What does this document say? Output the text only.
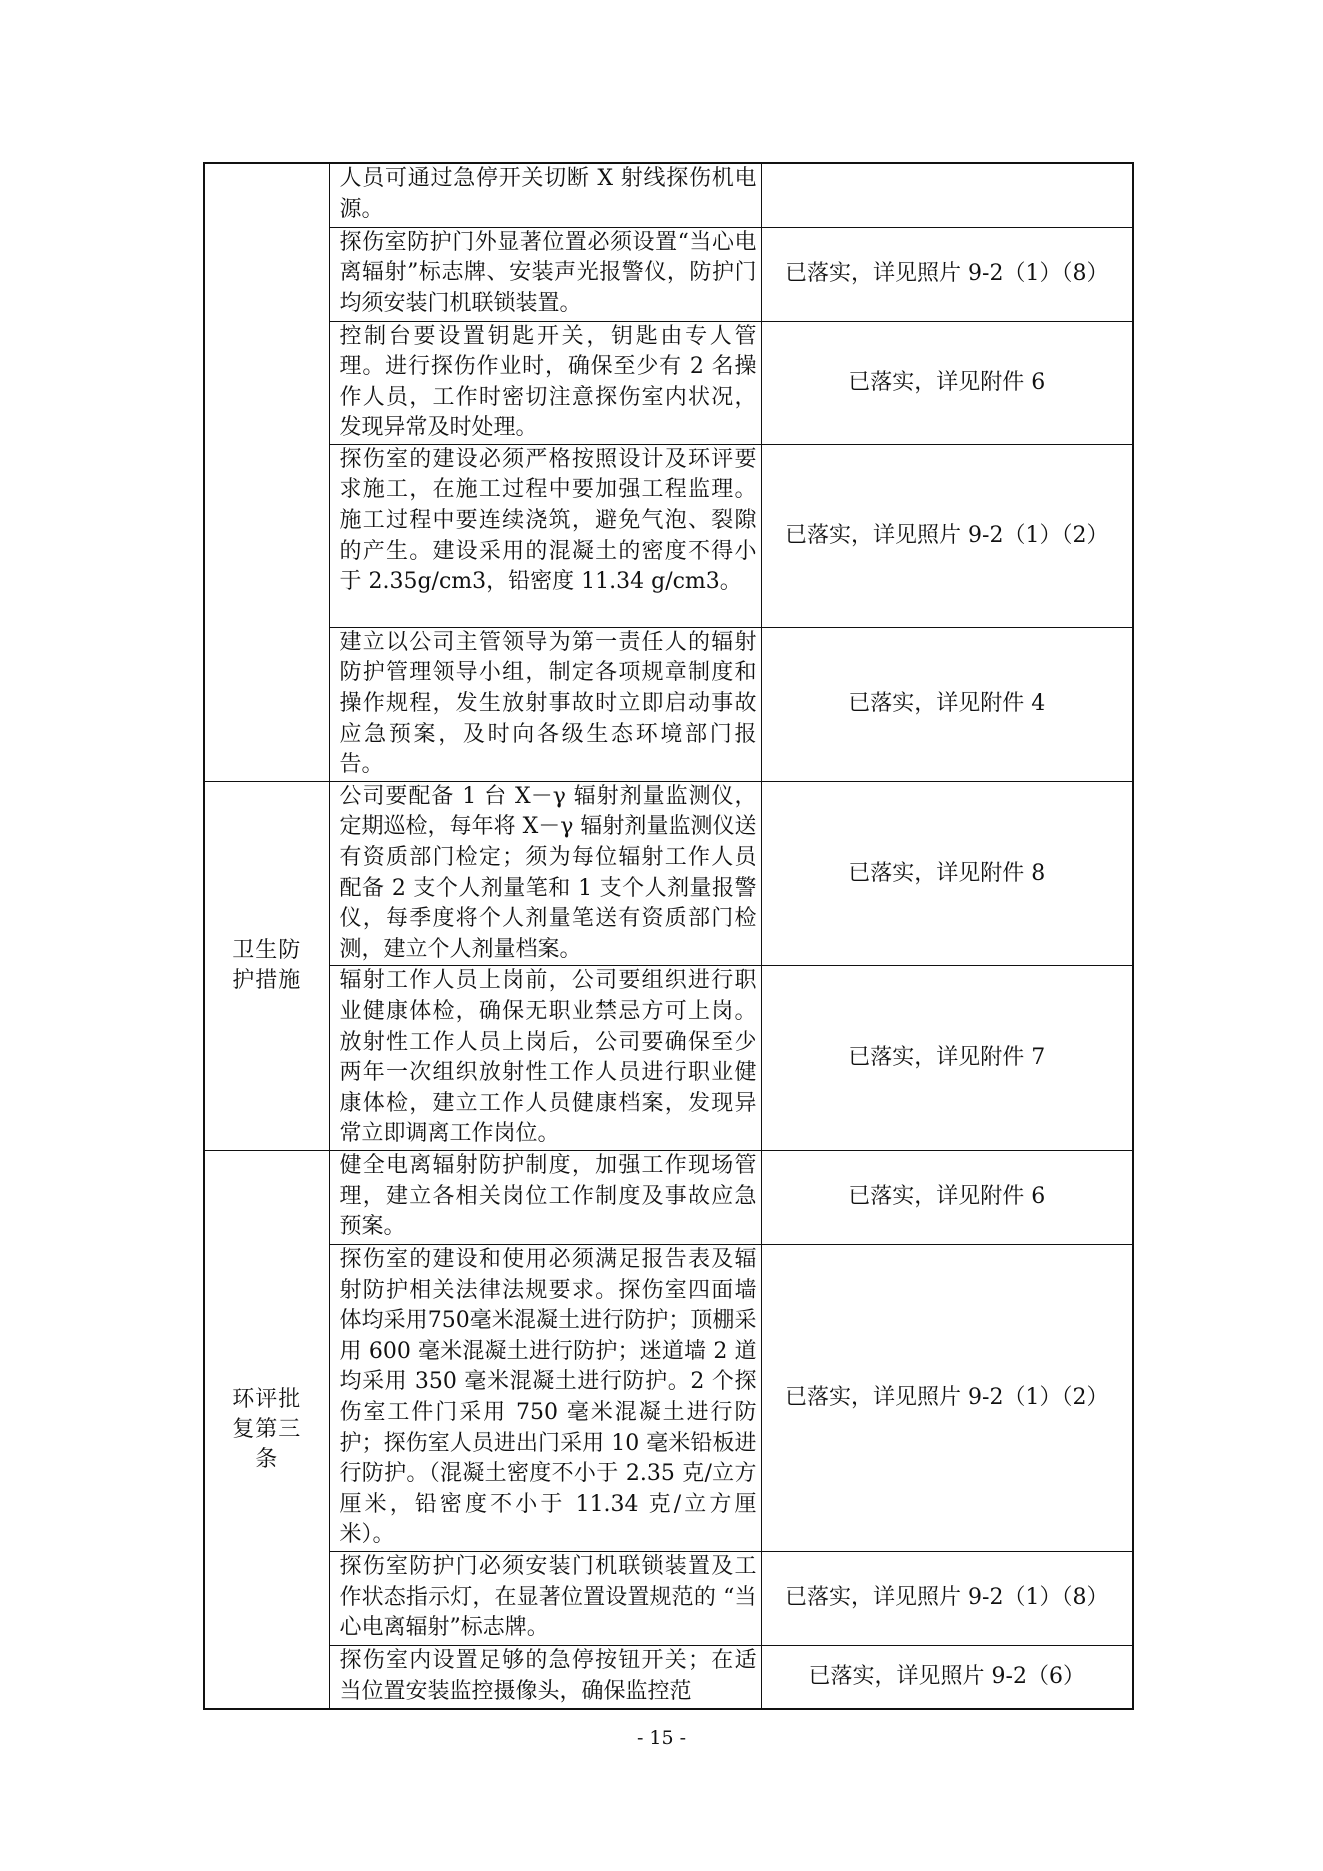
	人员可通过急停开关切断 X 射线探伤机电源。	
	探伤室防护门外显著位置必须设置“当心电离辐射”标志牌、安装声光报警仪，防护门均须安装门机联锁装置。	已落实，详见照片 9-2（1）（8）
	控制台要设置钥匙开关，钥匙由专人管理。进行探伤作业时，确保至少有 2 名操作人员，工作时密切注意探伤室内状况，发现异常及时处理。	已落实，详见附件 6
	探伤室的建设必须严格按照设计及环评要求施工，在施工过程中要加强工程监理。施工过程中要连续浇筑，避免气泡、裂隙的产生。建设采用的混凝土的密度不得小于 2.35g/cm3，铅密度 11.34 g/cm3。	已落实，详见照片 9-2（1）（2）
	建立以公司主管领导为第一责任人的辐射防护管理领导小组，制定各项规章制度和操作规程，发生放射事故时立即启动事故应急预案，及时向各级生态环境部门报告。	已落实，详见附件 4
卫生防护措施	公司要配备 1 台 X－γ 辐射剂量监测仪，定期巡检，每年将 X－γ 辐射剂量监测仪送有资质部门检定；须为每位辐射工作人员配备 2 支个人剂量笔和 1 支个人剂量报警仪，每季度将个人剂量笔送有资质部门检测，建立个人剂量档案。	已落实，详见附件 8
	辐射工作人员上岗前，公司要组织进行职业健康体检，确保无职业禁忌方可上岗。放射性工作人员上岗后，公司要确保至少两年一次组织放射性工作人员进行职业健康体检，建立工作人员健康档案，发现异常立即调离工作岗位。	已落实，详见附件 7
环评批复第三条	健全电离辐射防护制度，加强工作现场管理，建立各相关岗位工作制度及事故应急预案。	已落实，详见附件 6
	探伤室的建设和使用必须满足报告表及辐射防护相关法律法规要求。探伤室四面墙体均采用750毫米混凝土进行防护；顶棚采用 600 毫米混凝土进行防护；迷道墙 2 道均采用 350 毫米混凝土进行防护。2 个探伤室工件门采用 750 毫米混凝土进行防护；探伤室人员进出门采用 10 毫米铅板进行防护。（混凝土密度不小于 2.35 克/立方厘米，铅密度不小于 11.34 克/立方厘米）。	已落实，详见照片 9-2（1）（2）
	探伤室防护门必须安装门机联锁装置及工作状态指示灯，在显著位置设置规范的 “当心电离辐射”标志牌。	已落实，详见照片 9-2（1）（8）
	探伤室内设置足够的急停按钮开关；在适当位置安装监控摄像头，确保监控范	已落实，详见照片 9-2（6）
- 15 -
